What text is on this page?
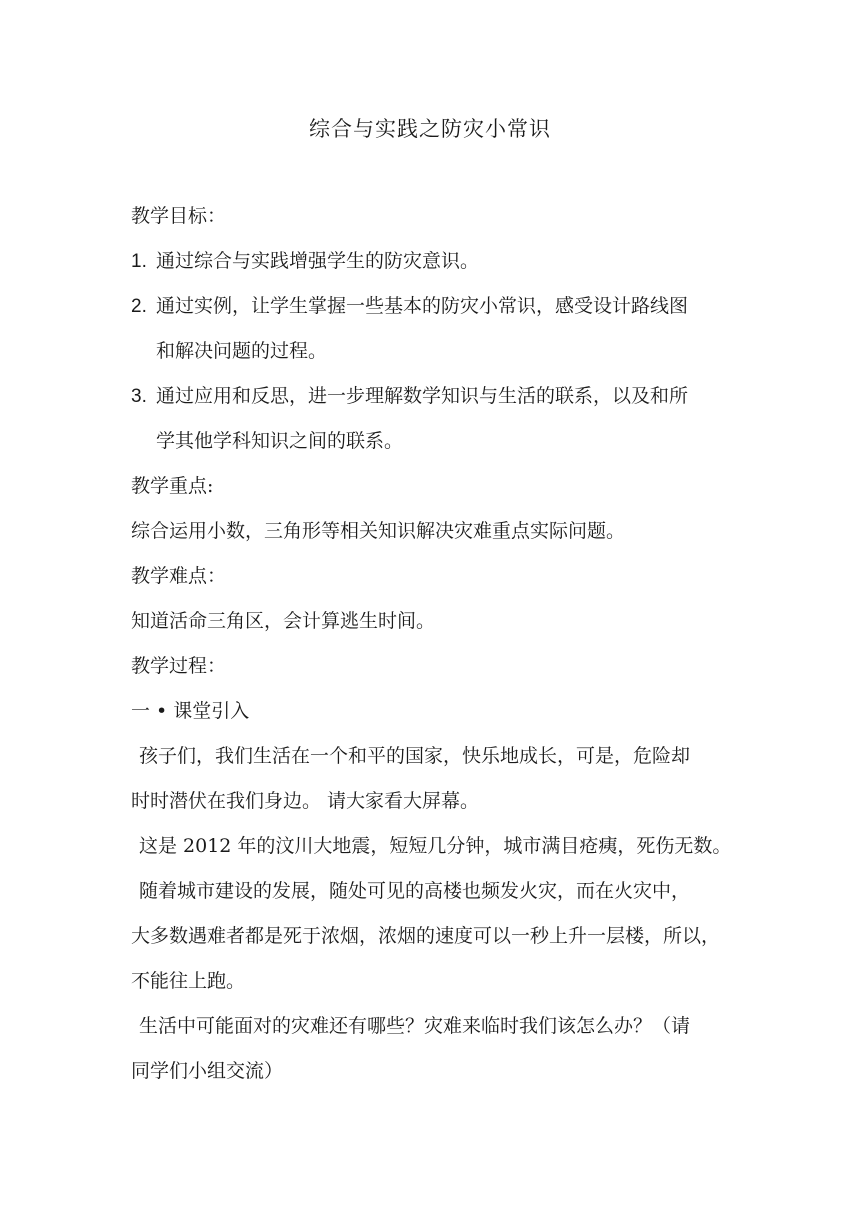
综合与实践之防灾小常识
教学目标：
1. 通过综合与实践增强学生的防灾意识。
2. 通过实例，让学生掌握一些基本的防灾小常识，感受设计路线图
和解决问题的过程。
3. 通过应用和反思，进一步理解数学知识与生活的联系，以及和所
学其他学科知识之间的联系。
教学重点:
综合运用小数，三角形等相关知识解决灾难重点实际问题。
教学难点：
知道活命三角区，会计算逃生时间。
教学过程：
一 • 课堂引入
孩子们，我们生活在一个和平的国家，快乐地成长，可是，危险却
时时潜伏在我们身边。 请大家看大屏幕。
这是 2012 年的汶川大地震，短短几分钟，城市满目疮痍，死伤无数。
随着城市建设的发展，随处可见的高楼也频发火灾，而在火灾中，
大多数遇难者都是死于浓烟，浓烟的速度可以一秒上升一层楼，所以，
不能往上跑。
生活中可能面对的灾难还有哪些？灾难来临时我们该怎么办？（请
同学们小组交流）
